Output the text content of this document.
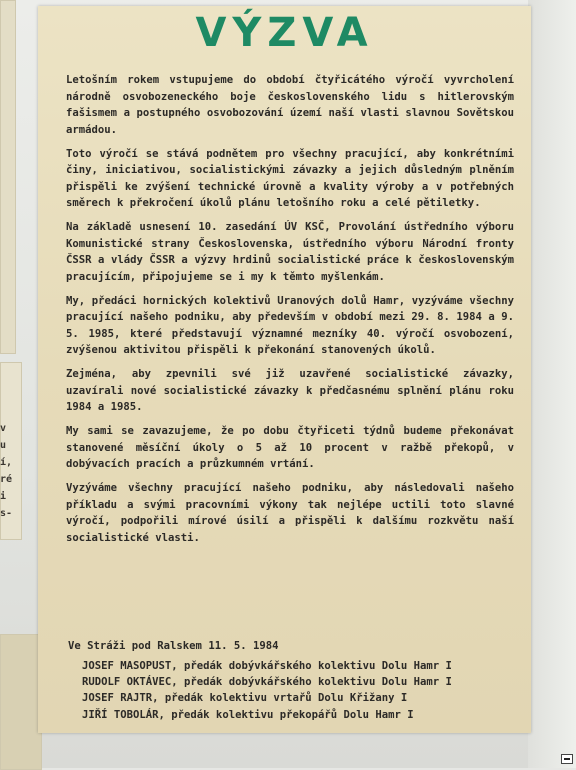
v
u
í,
ré
i
s-
VÝZVA

Letošním rokem vstupujeme do období čtyřicátého výročí vyvrcholení národně osvobozeneckého boje československého lidu s hitlerovským fašismem a postupného osvobozování území naší vlasti slavnou Sovětskou armádou.

Toto výročí se stává podnětem pro všechny pracující, aby konkrétními činy, iniciativou, socialistickými závazky a jejich důsledným plněním přispěli ke zvýšení technické úrovně a kvality výroby a v potřebných směrech k překročení úkolů plánu letošního roku a celé pětiletky.

Na základě usnesení 10. zasedání ÚV KSČ, Provolání ústředního výboru Komunistické strany Československa, ústředního výboru Národní fronty ČSSR a vlády ČSSR a výzvy hrdinů socialistické práce k československým pracujícím, připojujeme se i my k těmto myšlenkám.

My, předáci hornických kolektivů Uranových dolů Hamr, vyzýváme všechny pracující našeho podniku, aby především v období mezi 29. 8. 1984 a 9. 5. 1985, které představují významné mezníky 40. výročí osvobození, zvýšenou aktivitou přispěli k překonání stanovených úkolů.

Zejména, aby zpevnili své již uzavřené socialistické závazky, uzavírali nové socialistické závazky k předčasnému splnění plánu roku 1984 a 1985.

My sami se zavazujeme, že po dobu čtyřiceti týdnů budeme překonávat stanovené měsíční úkoly o 5 až 10 procent v ražbě překopů, v dobývacích pracích a průzkumném vrtání.

Vyzýváme všechny pracující našeho podniku, aby následovali našeho příkladu a svými pracovními výkony tak nejlépe uctili toto slavné výročí, podpořili mírové úsilí a přispěli k dalšímu rozkvětu naší socialistické vlasti.

Ve Stráži pod Ralskem 11. 5. 1984
JOSEF MASOPUST, předák dobývkářského kolektivu Dolu Hamr I
RUDOLF OKTÁVEC, předák dobývkářského kolektivu Dolu Hamr I
JOSEF RAJTR, předák kolektivu vrtařů Dolu Křižany I
JIŘÍ TOBOLÁR, předák kolektivu překopářů Dolu Hamr I
